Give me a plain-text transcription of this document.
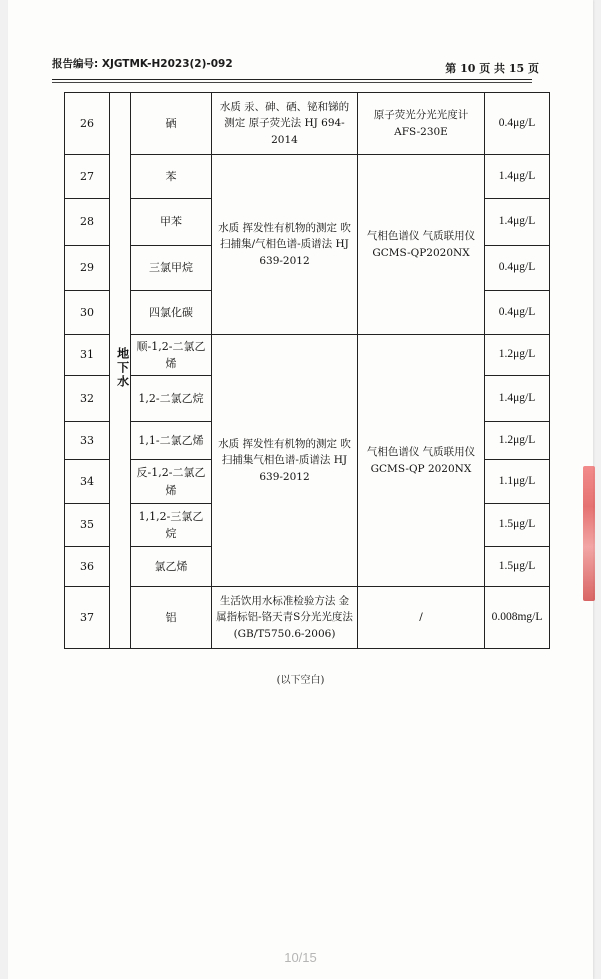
报告编号: XJGTMK-H2023(2)-092	第 10 页 共 15 页
26	地下水	硒	水质 汞、砷、硒、铋和锑的测定 原子荧光法 HJ 694-2014	原子荧光分光光度计 AFS-230E	0.4μg/L
27		苯	水质 挥发性有机物的测定 吹扫捕集/气相色谱-质谱法 HJ 639-2012	气相色谱仪 气质联用仪 GCMS-QP2020NX	1.4μg/L
28		甲苯			1.4μg/L
29		三氯甲烷			0.4μg/L
30		四氯化碳			0.4μg/L
31		顺-1,2-二氯乙烯	水质 挥发性有机物的测定 吹扫捕集气相色谱-质谱法 HJ 639-2012	气相色谱仪 气质联用仪 GCMS-QP 2020NX	1.2μg/L
32		1,2-二氯乙烷			1.4μg/L
33		1,1-二氯乙烯			1.2μg/L
34		反-1,2-二氯乙烯			1.1μg/L
35		1,1,2-三氯乙烷			1.5μg/L
36		氯乙烯			1.5μg/L
37		铝	生活饮用水标准检验方法 金属指标铝-铬天青S分光光度法 (GB/T5750.6-2006)	/	0.008mg/L
(以下空白)
10/15
